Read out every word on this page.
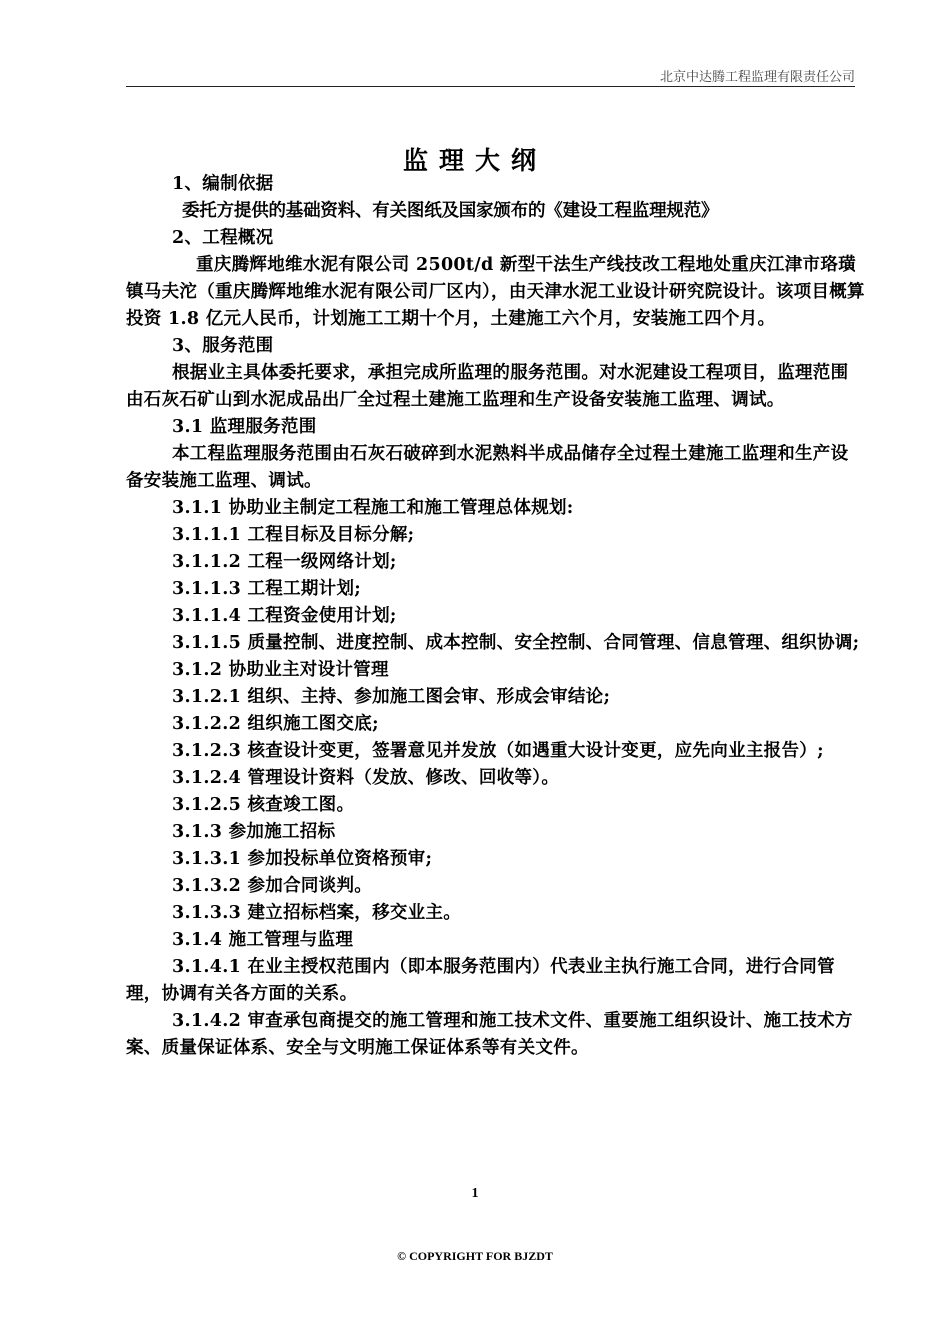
北京中达腾工程监理有限责任公司
监理大纲

1、编制依据

委托方提供的基础资料、有关图纸及国家颁布的《建设工程监理规范》

2、工程概况

重庆腾辉地维水泥有限公司 2500t/d 新型干法生产线技改工程地处重庆江津市珞璜镇马夫沱（重庆腾辉地维水泥有限公司厂区内），由天津水泥工业设计研究院设计。该项目概算投资 1.8 亿元人民币，计划施工工期十个月，土建施工六个月，安装施工四个月。

3、服务范围

根据业主具体委托要求，承担完成所监理的服务范围。对水泥建设工程项目，监理范围由石灰石矿山到水泥成品出厂全过程土建施工监理和生产设备安装施工监理、调试。

3.1 监理服务范围

本工程监理服务范围由石灰石破碎到水泥熟料半成品储存全过程土建施工监理和生产设备安装施工监理、调试。

3.1.1 协助业主制定工程施工和施工管理总体规划:

3.1.1.1 工程目标及目标分解;

3.1.1.2 工程一级网络计划;

3.1.1.3 工程工期计划;

3.1.1.4 工程资金使用计划;

3.1.1.5 质量控制、进度控制、成本控制、安全控制、合同管理、信息管理、组织协调;

3.1.2 协助业主对设计管理

3.1.2.1 组织、主持、参加施工图会审、形成会审结论;

3.1.2.2 组织施工图交底;

3.1.2.3 核查设计变更，签署意见并发放（如遇重大设计变更，应先向业主报告）;

3.1.2.4 管理设计资料（发放、修改、回收等）。

3.1.2.5 核查竣工图。

3.1.3 参加施工招标

3.1.3.1 参加投标单位资格预审;

3.1.3.2 参加合同谈判。

3.1.3.3 建立招标档案，移交业主。

3.1.4 施工管理与监理

3.1.4.1 在业主授权范围内（即本服务范围内）代表业主执行施工合同，进行合同管理，协调有关各方面的关系。

3.1.4.2 审查承包商提交的施工管理和施工技术文件、重要施工组织设计、施工技术方案、质量保证体系、安全与文明施工保证体系等有关文件。

1
© COPYRIGHT FOR BJZDT
